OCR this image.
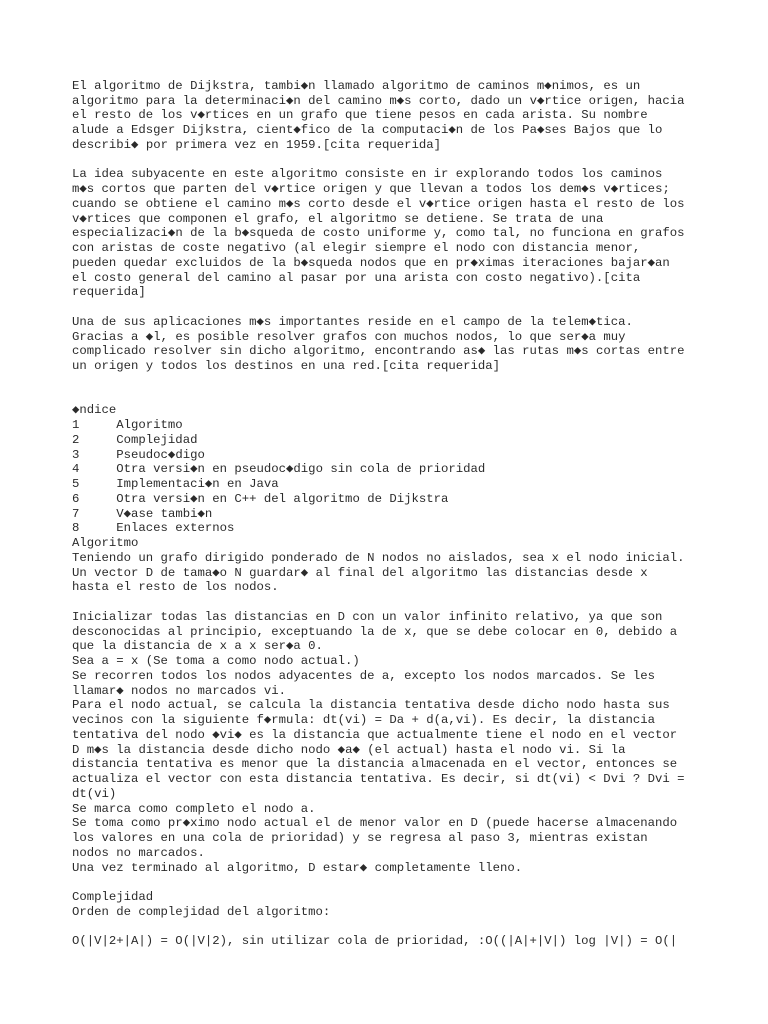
El algoritmo de Dijkstra, tambi◆n llamado algoritmo de caminos m◆nimos, es un
algoritmo para la determinaci◆n del camino m◆s corto, dado un v◆rtice origen, hacia
el resto de los v◆rtices en un grafo que tiene pesos en cada arista. Su nombre
alude a Edsger Dijkstra, cient◆fico de la computaci◆n de los Pa◆ses Bajos que lo
describi◆ por primera vez en 1959.[cita requerida]
La idea subyacente en este algoritmo consiste en ir explorando todos los caminos
m◆s cortos que parten del v◆rtice origen y que llevan a todos los dem◆s v◆rtices;
cuando se obtiene el camino m◆s corto desde el v◆rtice origen hasta el resto de los
v◆rtices que componen el grafo, el algoritmo se detiene. Se trata de una
especializaci◆n de la b◆squeda de costo uniforme y, como tal, no funciona en grafos
con aristas de coste negativo (al elegir siempre el nodo con distancia menor,
pueden quedar excluidos de la b◆squeda nodos que en pr◆ximas iteraciones bajar◆an
el costo general del camino al pasar por una arista con costo negativo).[cita
requerida]
Una de sus aplicaciones m◆s importantes reside en el campo de la telem◆tica.
Gracias a ◆l, es posible resolver grafos con muchos nodos, lo que ser◆a muy
complicado resolver sin dicho algoritmo, encontrando as◆ las rutas m◆s cortas entre
un origen y todos los destinos en una red.[cita requerida]
◆ndice
1     Algoritmo
2     Complejidad
3     Pseudoc◆digo
4     Otra versi◆n en pseudoc◆digo sin cola de prioridad
5     Implementaci◆n en Java
6     Otra versi◆n en C++ del algoritmo de Dijkstra
7     V◆ase tambi◆n
8     Enlaces externos
Algoritmo
Teniendo un grafo dirigido ponderado de N nodos no aislados, sea x el nodo inicial.
Un vector D de tama◆o N guardar◆ al final del algoritmo las distancias desde x
hasta el resto de los nodos.
Inicializar todas las distancias en D con un valor infinito relativo, ya que son
desconocidas al principio, exceptuando la de x, que se debe colocar en 0, debido a
que la distancia de x a x ser◆a 0.
Sea a = x (Se toma a como nodo actual.)
Se recorren todos los nodos adyacentes de a, excepto los nodos marcados. Se les
llamar◆ nodos no marcados vi.
Para el nodo actual, se calcula la distancia tentativa desde dicho nodo hasta sus
vecinos con la siguiente f◆rmula: dt(vi) = Da + d(a,vi). Es decir, la distancia
tentativa del nodo ◆vi◆ es la distancia que actualmente tiene el nodo en el vector
D m◆s la distancia desde dicho nodo ◆a◆ (el actual) hasta el nodo vi. Si la
distancia tentativa es menor que la distancia almacenada en el vector, entonces se
actualiza el vector con esta distancia tentativa. Es decir, si dt(vi) < Dvi ? Dvi =
dt(vi)
Se marca como completo el nodo a.
Se toma como pr◆ximo nodo actual el de menor valor en D (puede hacerse almacenando
los valores en una cola de prioridad) y se regresa al paso 3, mientras existan
nodos no marcados.
Una vez terminado al algoritmo, D estar◆ completamente lleno.
Complejidad
Orden de complejidad del algoritmo:
O(|V|2+|A|) = O(|V|2), sin utilizar cola de prioridad, :O((|A|+|V|) log |V|) = O(|
